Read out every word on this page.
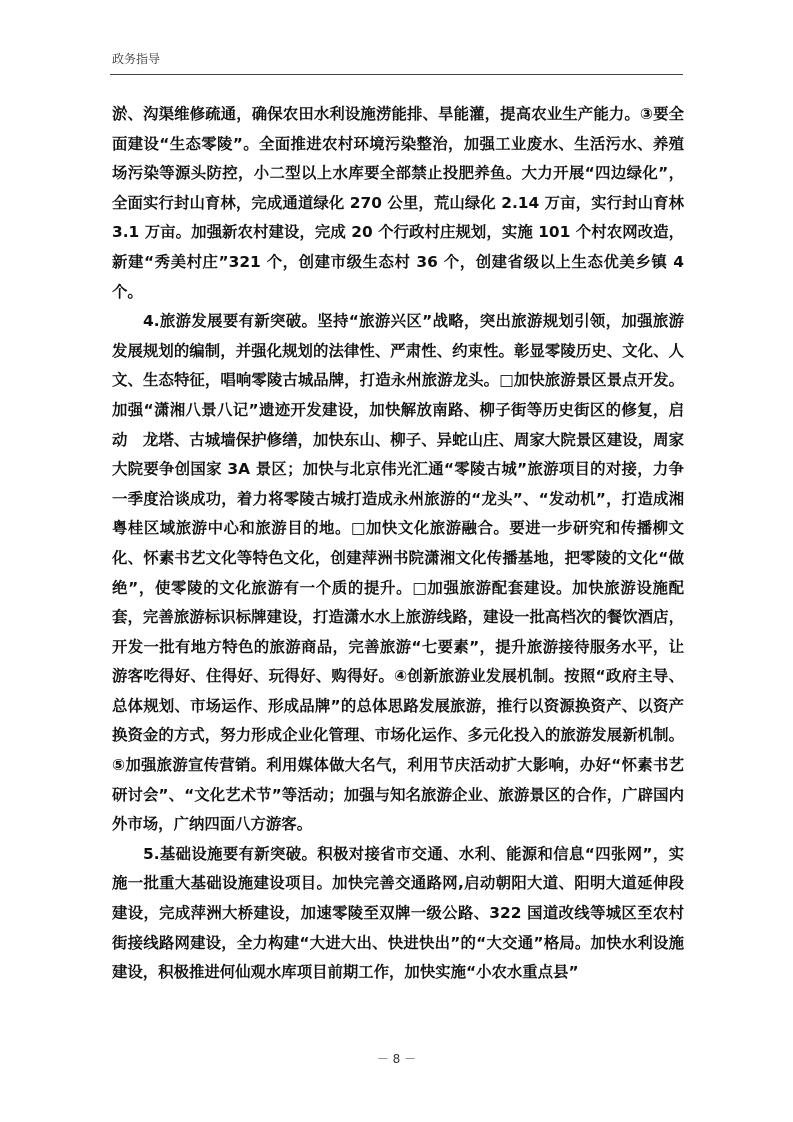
政务指导

淤、沟渠维修疏通，确保农田水利设施涝能排、旱能灌，提高农业生产能力。③要全面建设“生态零陵”。全面推进农村环境污染整治，加强工业废水、生活污水、养殖场污染等源头防控，小二型以上水库要全部禁止投肥养鱼。大力开展“四边绿化”，全面实行封山育林，完成通道绿化 270 公里，荒山绿化 2.14 万亩，实行封山育林 3.1 万亩。加强新农村建设，完成 20 个行政村庄规划，实施 101 个村农网改造，新建“秀美村庄”321 个，创建市级生态村 36 个，创建省级以上生态优美乡镇 4 个。

4.旅游发展要有新突破。坚持“旅游兴区”战略，突出旅游规划引领，加强旅游发展规划的编制，并强化规划的法律性、严肃性、约束性。彰显零陵历史、文化、人文、生态特征，唱响零陵古城品牌，打造永州旅游龙头。□加快旅游景区景点开发。加强“潇湘八景八记”遗迹开发建设，加快解放南路、柳子街等历史街区的修复，启动　龙塔、古城墙保护修缮，加快东山、柳子、异蛇山庄、周家大院景区建设，周家大院要争创国家 3A 景区；加快与北京伟光汇通“零陵古城”旅游项目的对接，力争一季度洽谈成功，着力将零陵古城打造成永州旅游的“龙头”、“发动机”，打造成湘粤桂区域旅游中心和旅游目的地。□加快文化旅游融合。要进一步研究和传播柳文化、怀素书艺文化等特色文化，创建萍洲书院潇湘文化传播基地，把零陵的文化“做绝”，使零陵的文化旅游有一个质的提升。□加强旅游配套建设。加快旅游设施配套，完善旅游标识标牌建设，打造潇水水上旅游线路，建设一批高档次的餐饮酒店，开发一批有地方特色的旅游商品，完善旅游“七要素”，提升旅游接待服务水平，让游客吃得好、住得好、玩得好、购得好。④创新旅游业发展机制。按照“政府主导、总体规划、市场运作、形成品牌”的总体思路发展旅游，推行以资源换资产、以资产换资金的方式，努力形成企业化管理、市场化运作、多元化投入的旅游发展新机制。⑤加强旅游宣传营销。利用媒体做大名气，利用节庆活动扩大影响，办好“怀素书艺研讨会”、“文化艺术节”等活动；加强与知名旅游企业、旅游景区的合作，广辟国内外市场，广纳四面八方游客。

5.基础设施要有新突破。积极对接省市交通、水利、能源和信息“四张网”，实施一批重大基础设施建设项目。加快完善交通路网,启动朝阳大道、阳明大道延伸段建设，完成萍洲大桥建设，加速零陵至双牌一级公路、322 国道改线等城区至农村街接线路网建设，全力构建“大进大出、快进快出”的“大交通”格局。加快水利设施建设，积极推进何仙观水库项目前期工作，加快实施“小农水重点县”

－ 8 －
